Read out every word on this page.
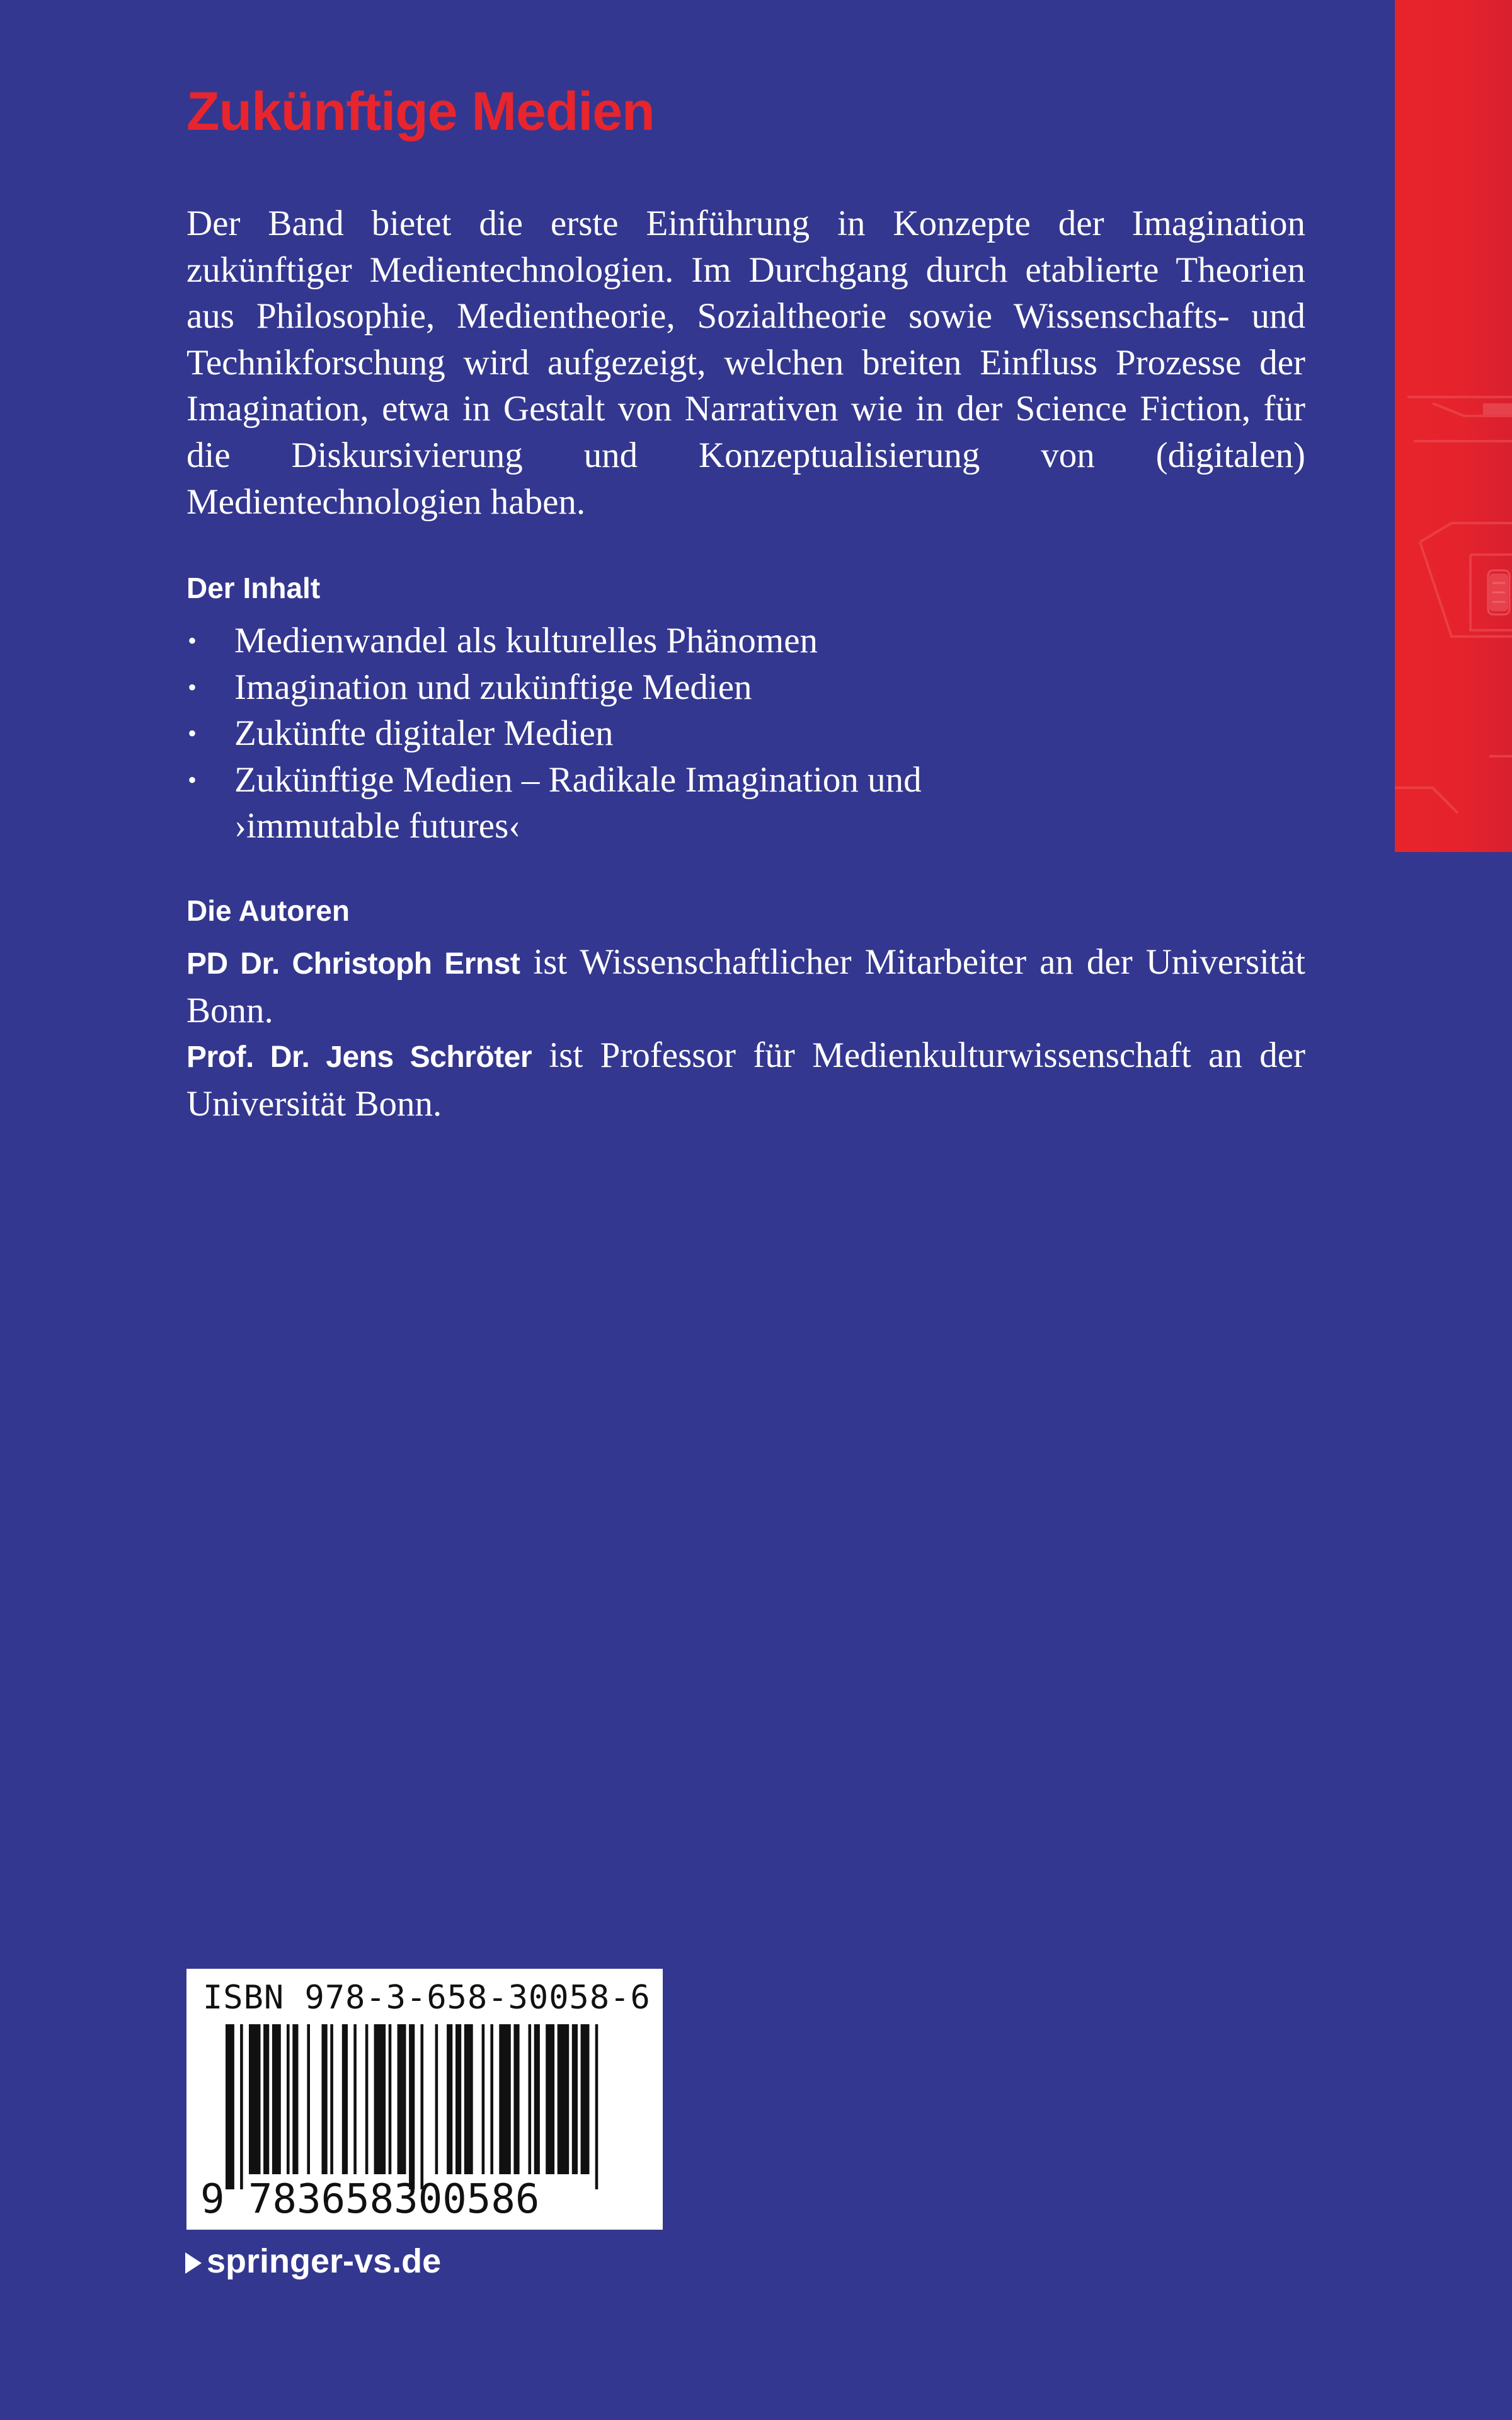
Zukünftige Medien
Der Band bietet die erste Einführung in Konzepte der Imagination zukünftiger Medientechnologien. Im Durchgang durch etablierte Theorien aus Philosophie, Medientheorie, Sozialtheorie sowie Wissenschafts- und Technikforschung wird aufgezeigt, welchen breiten Einfluss Prozesse der Imagination, etwa in Gestalt von Narrativen wie in der Science Fiction, für die Diskursivierung und Konzeptualisierung von (digitalen) Medientechnologien haben.
Der Inhalt
• Medienwandel als kulturelles Phänomen
• Imagination und zukünftige Medien
• Zukünfte digitaler Medien
• Zukünftige Medien – Radikale Imagination und ›immutable futures‹
Die Autoren
PD Dr. Christoph Ernst ist Wissenschaftlicher Mitarbeiter an der Universität Bonn.
Prof. Dr. Jens Schröter ist Professor für Medienkulturwissenschaft an der Universität Bonn.
ISBN 978-3-658-30058-6
9 783658300586
springer-vs.de
